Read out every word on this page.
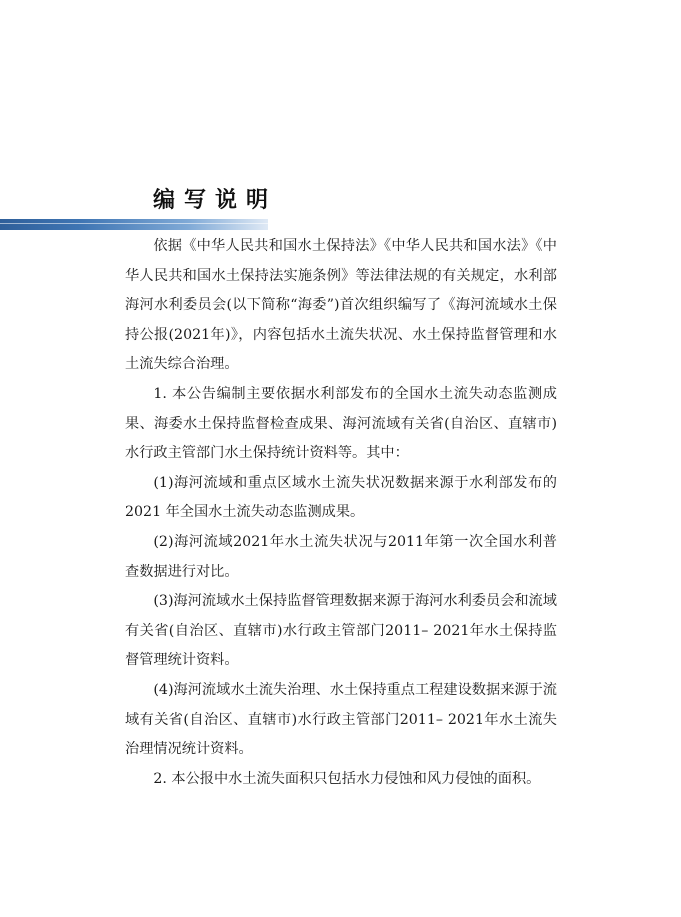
编写说明

依据《中华人民共和国水土保持法》《中华人民共和国水法》《中华人民共和国水土保持法实施条例》等法律法规的有关规定，水利部海河水利委员会(以下简称“海委”)首次组织编写了《海河流域水土保持公报(2021年)》，内容包括水土流失状况、水土保持监督管理和水土流失综合治理。

1. 本公告编制主要依据水利部发布的全国水土流失动态监测成果、海委水土保持监督检查成果、海河流域有关省(自治区、直辖市)水行政主管部门水土保持统计资料等。其中：

(1)海河流域和重点区域水土流失状况数据来源于水利部发布的 2021 年全国水土流失动态监测成果。

(2)海河流域2021年水土流失状况与2011年第一次全国水利普查数据进行对比。

(3)海河流域水土保持监督管理数据来源于海河水利委员会和流域有关省(自治区、直辖市)水行政主管部门2011– 2021年水土保持监督管理统计资料。

(4)海河流域水土流失治理、水土保持重点工程建设数据来源于流域有关省(自治区、直辖市)水行政主管部门2011– 2021年水土流失治理情况统计资料。

2. 本公报中水土流失面积只包括水力侵蚀和风力侵蚀的面积。
